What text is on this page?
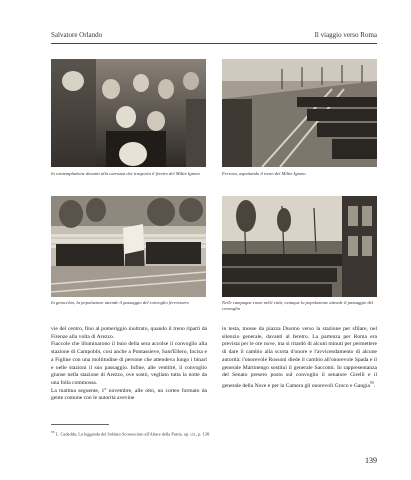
Salvatore Orlando	Il viaggio verso Roma
In contemplazione davanti alla carrozza che trasporta il feretro del Milite Ignoto	Ferrara, aspettando il treno del Milite Ignoto
In ginocchio, la popolazione attende il passaggio del convoglio ferroviario	Nelle campagne come nelle città, ovunque la popolazione attende il passaggio del convoglio

vie del centro, fino al pomeriggio inoltrato, quando il treno ripartì da Firenze alla volta di Arezzo.

Fiaccole che illuminarono il buio della sera accolse il convoglio alla stazione di Campobbi, così anche a Pontassieve, Sant'Ellero, Incisa e a Figline con una moltitudine di persone che attendeva lungo i binari e nelle stazioni il suo passaggio. Infine, alle ventitré, il convoglio giunse nella stazione di Arezzo, ove sostò, vegliato tutta la notte da una folla commossa.

La mattina seguente, 1° novembre, alle otto, un corteo formato da gente comune con le autorità avevine

in testa, mosse da piazza Duomo verso la stazione per sfilare, nel silenzio generale, davanti al feretro. La partenza per Roma era prevista per le ore nove, ma si ritardò di alcuni minuti per permettere di dare il cambio alla scorta d'onore e l'avvicendamento di alcune autorità: l'onorevole Rossoni diede il cambio all'onorevole Spada e il generale Martinengo sostituì il generale Saccomi. In rappresentanza del Senato presero posto sul convoglio il senatore Girelli e il generale della Noce e per la Camera gli onorevoli Groco e Gangia$^{93}$.

$^{93}$ L. Cadeddu, La leggenda del Soldato Sconosciuto all'Altare della Patria, op. cit., p. 138.
139
